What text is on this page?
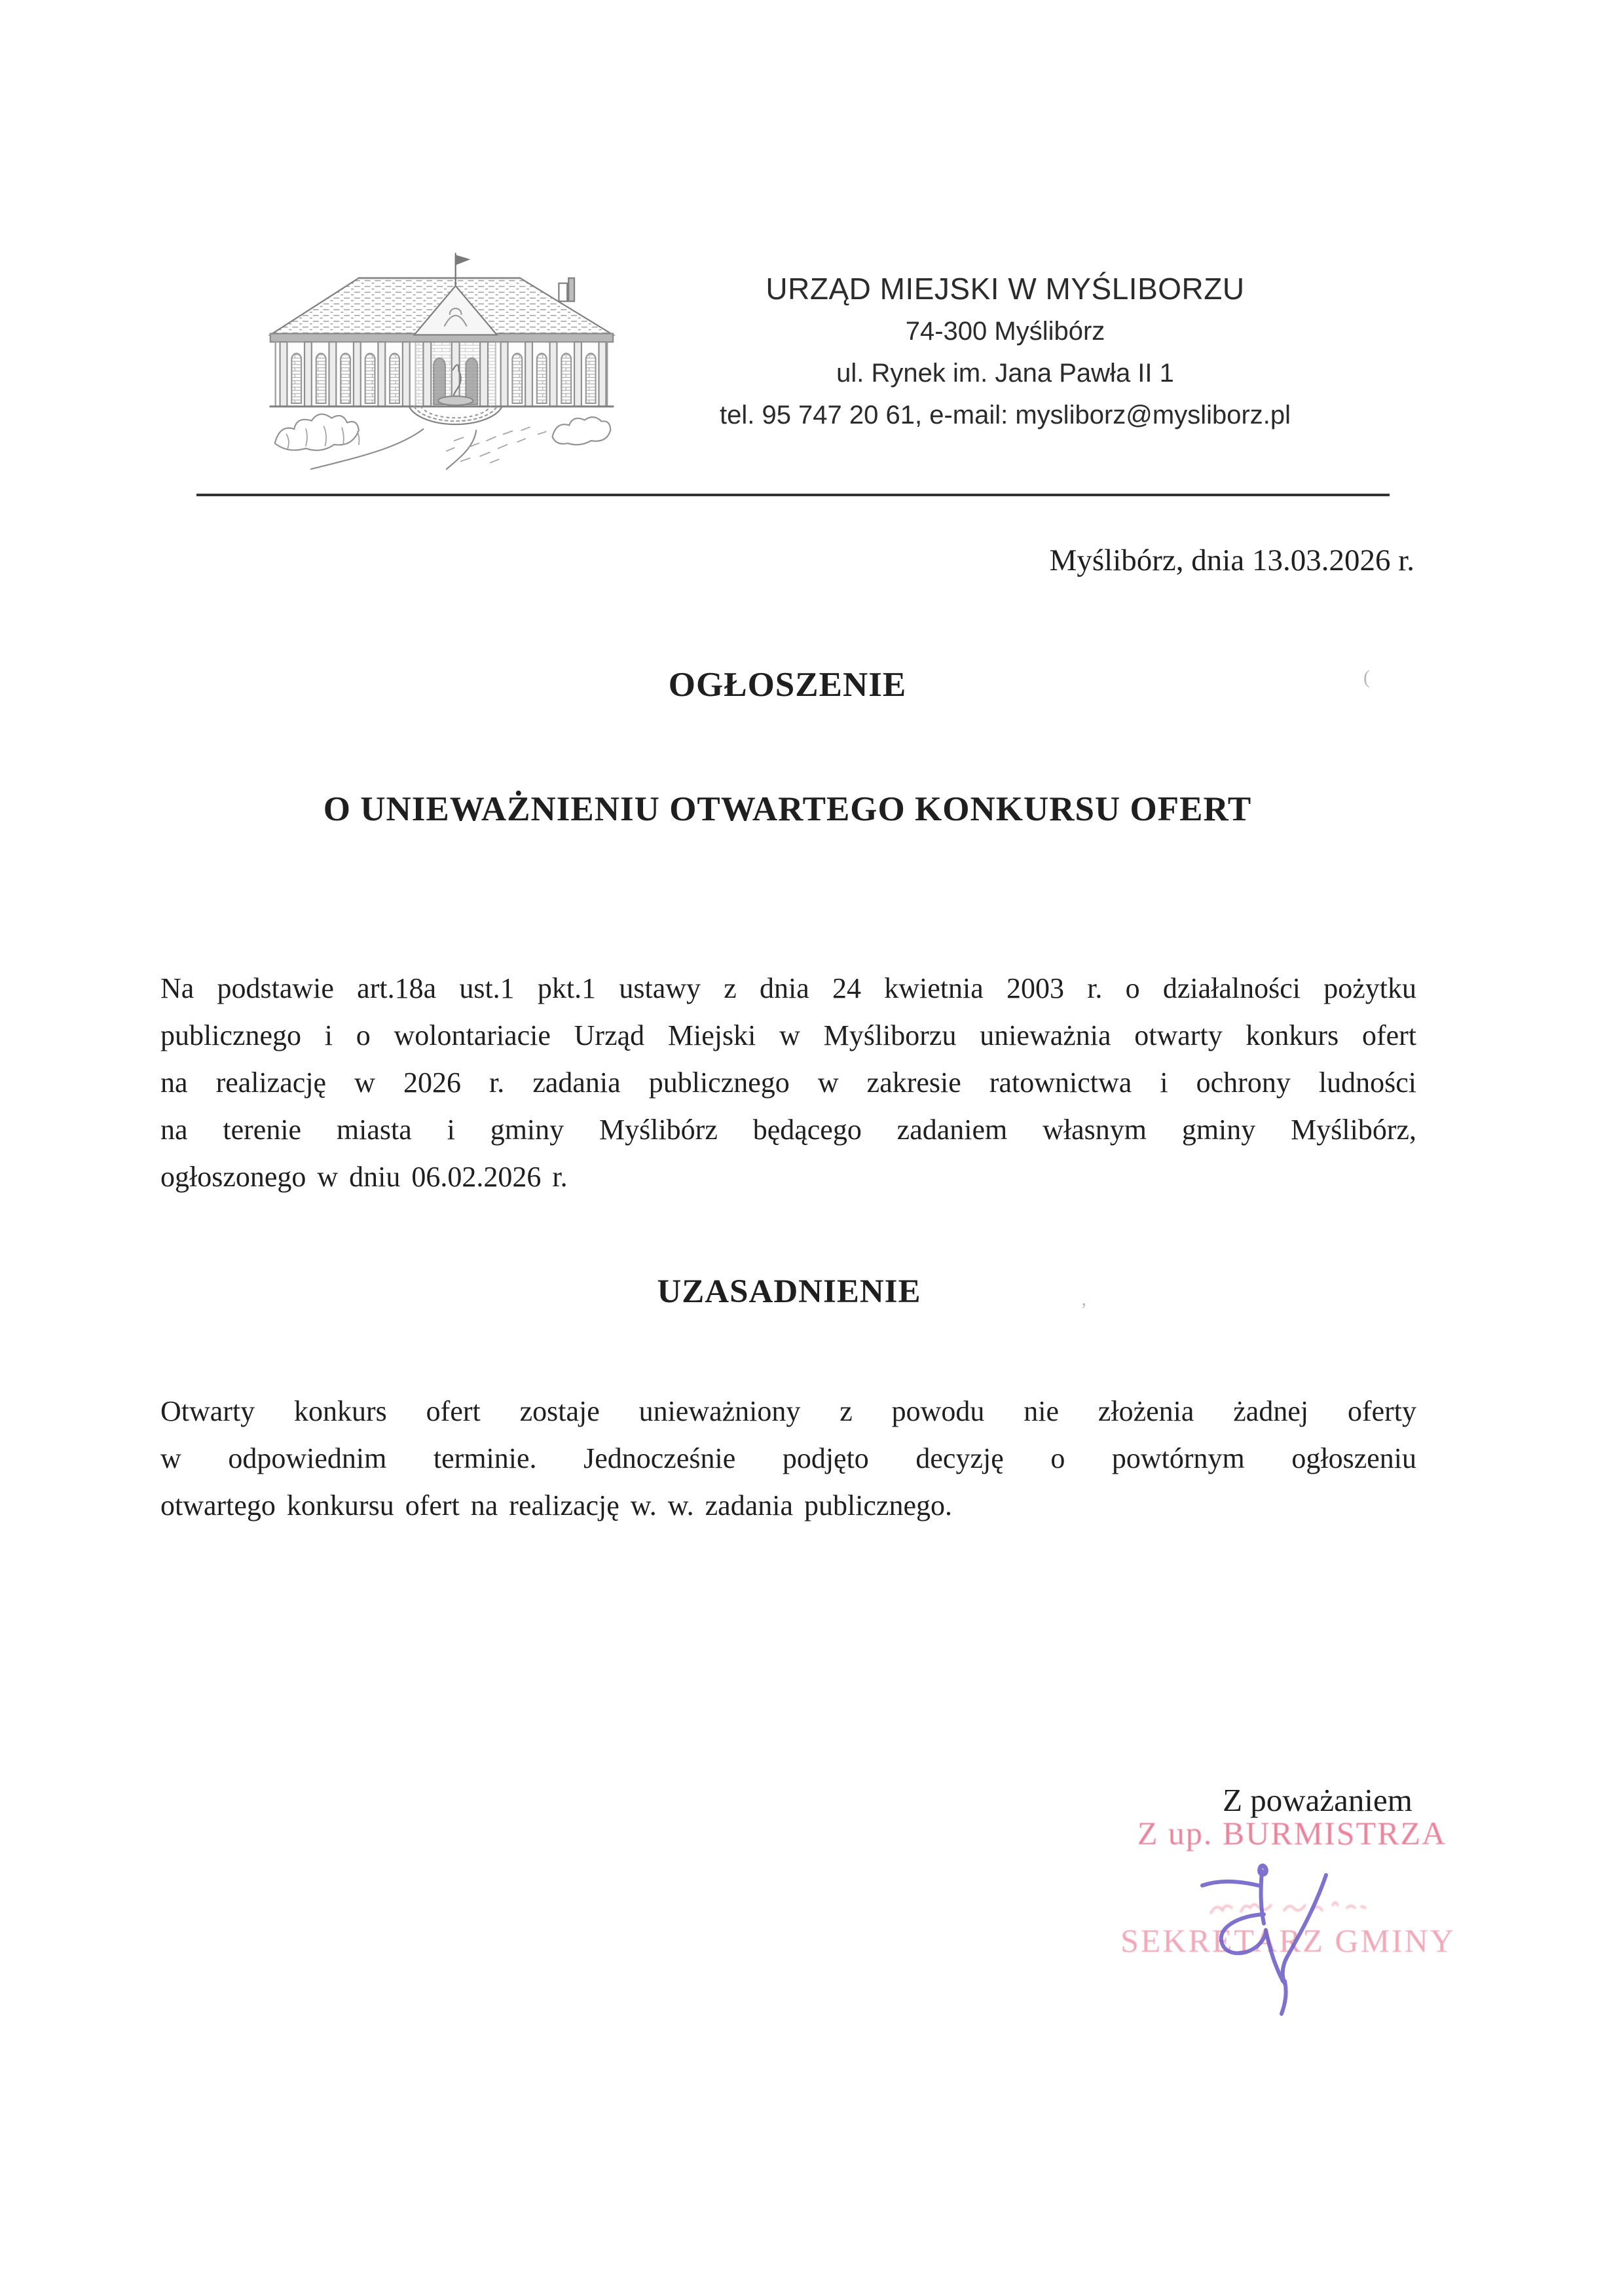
URZĄD MIEJSKI W MYŚLIBORZU
74-300 Myślibórz
ul. Rynek im. Jana Pawła II 1
tel. 95 747 20 61, e-mail: mysliborz@mysliborz.pl
Myślibórz, dnia 13.03.2026 r.
OGŁOSZENIE
O UNIEWAŻNIENIU OTWARTEGO KONKURSU OFERT
Na podstawie art.18a ust.1 pkt.1 ustawy z dnia 24 kwietnia 2003 r. o działalności pożytku
publicznego i o wolontariacie Urząd Miejski w Myśliborzu unieważnia otwarty konkurs ofert
na realizację w 2026 r. zadania publicznego w zakresie ratownictwa i ochrony ludności
na terenie miasta i gminy Myślibórz będącego zadaniem własnym gminy Myślibórz,
ogłoszonego w dniu 06.02.2026 r.
UZASADNIENIE
Otwarty konkurs ofert zostaje unieważniony z powodu nie złożenia żadnej oferty
w odpowiednim terminie. Jednocześnie podjęto decyzję o powtórnym ogłoszeniu
otwartego konkursu ofert na realizację w. w. zadania publicznego.
Z poważaniem
Z up. BURMISTRZA
SEKRETARZ GMINY
(
’
